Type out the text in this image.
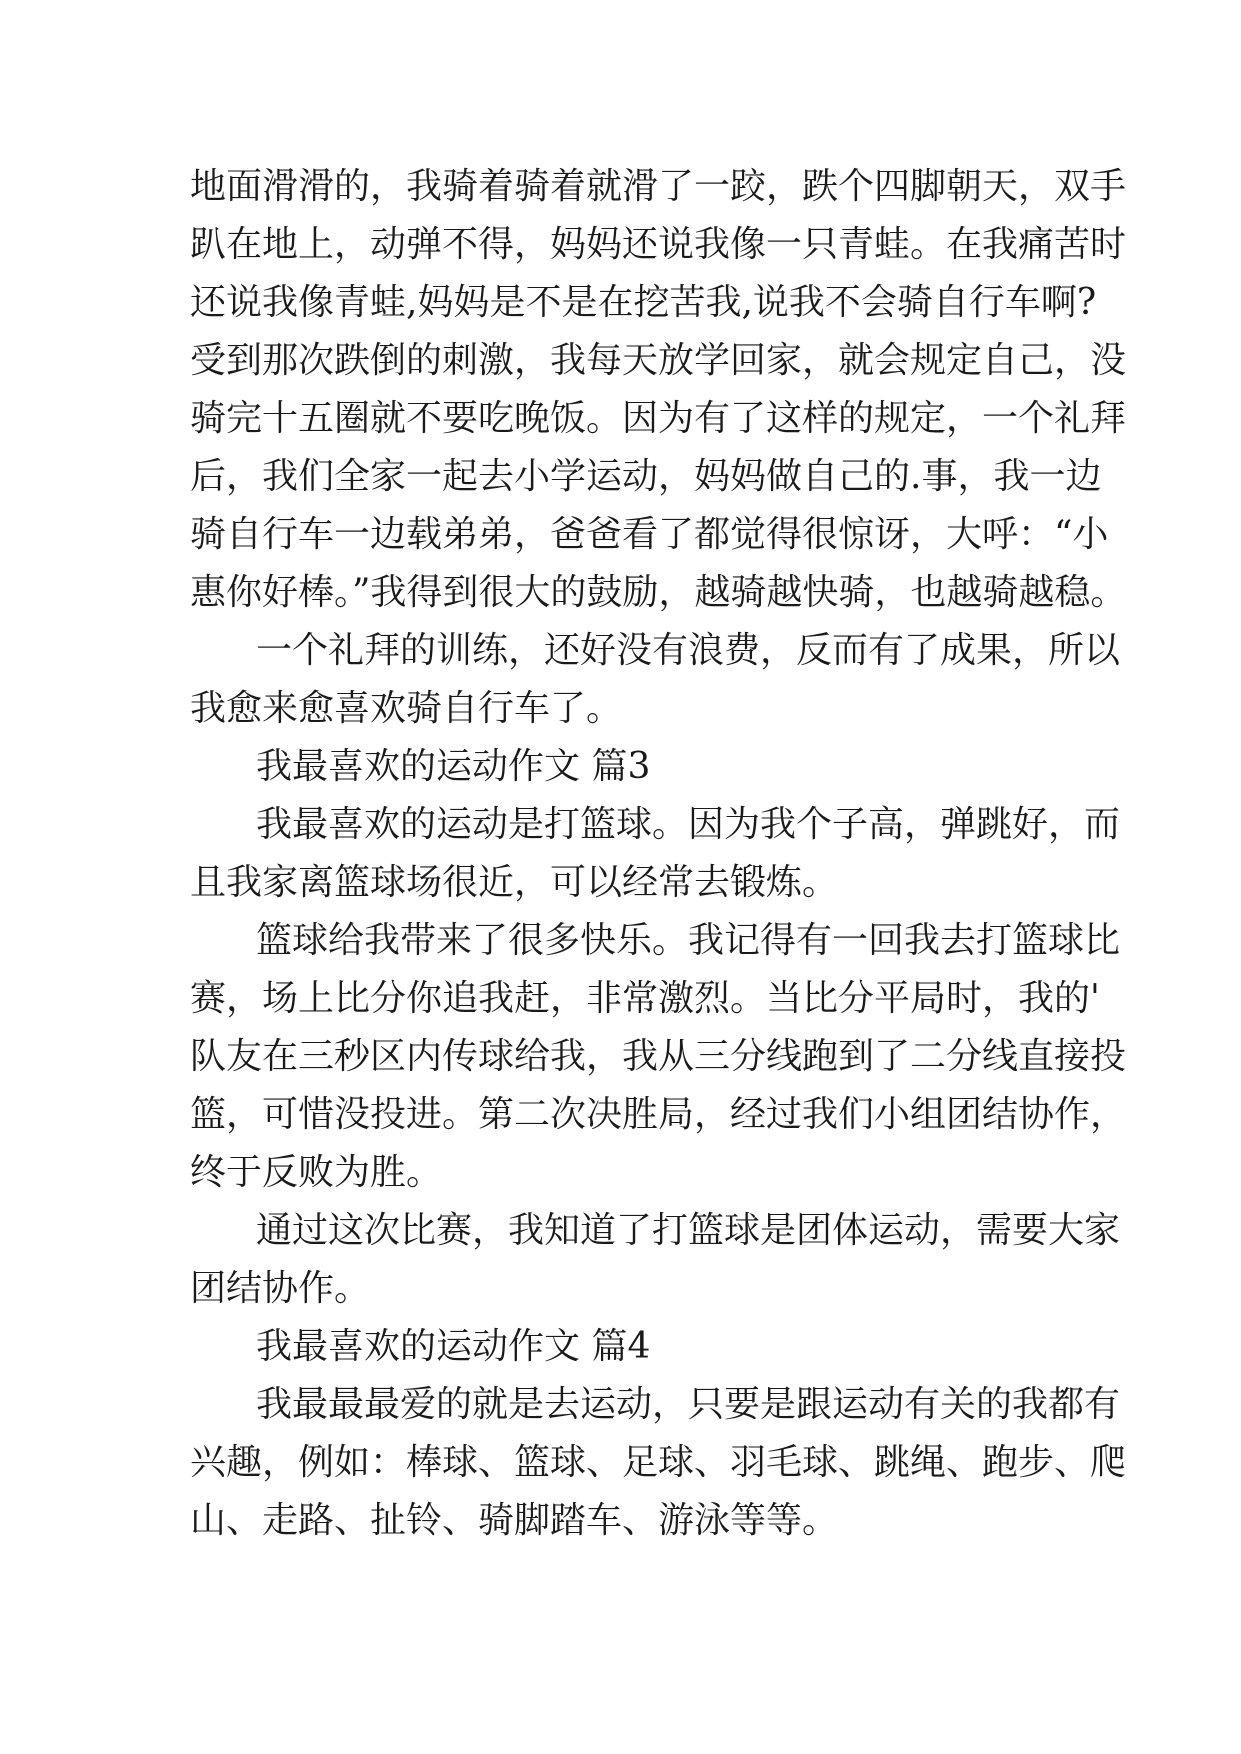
地面滑滑的，我骑着骑着就滑了一跤，跌个四脚朝天，双手
趴在地上，动弹不得，妈妈还说我像一只青蛙。在我痛苦时
还说我像青蛙,妈妈是不是在挖苦我,说我不会骑自行车啊?
受到那次跌倒的刺激，我每天放学回家，就会规定自己，没
骑完十五圈就不要吃晚饭。因为有了这样的规定，一个礼拜
后，我们全家一起去小学运动，妈妈做自己的.事，我一边
骑自行车一边载弟弟，爸爸看了都觉得很惊讶，大呼：“小
惠你好棒。”我得到很大的鼓励，越骑越快骑，也越骑越稳。
一个礼拜的训练，还好没有浪费，反而有了成果，所以
我愈来愈喜欢骑自行车了。
我最喜欢的运动作文 篇3
我最喜欢的运动是打篮球。因为我个子高，弹跳好，而
且我家离篮球场很近，可以经常去锻炼。
篮球给我带来了很多快乐。我记得有一回我去打篮球比
赛，场上比分你追我赶，非常激烈。当比分平局时，我的'
队友在三秒区内传球给我，我从三分线跑到了二分线直接投
篮，可惜没投进。第二次决胜局，经过我们小组团结协作，
终于反败为胜。
通过这次比赛，我知道了打篮球是团体运动，需要大家
团结协作。
我最喜欢的运动作文 篇4
我最最最爱的就是去运动，只要是跟运动有关的我都有
兴趣，例如：棒球、篮球、足球、羽毛球、跳绳、跑步、爬
山、走路、扯铃、骑脚踏车、游泳等等。
